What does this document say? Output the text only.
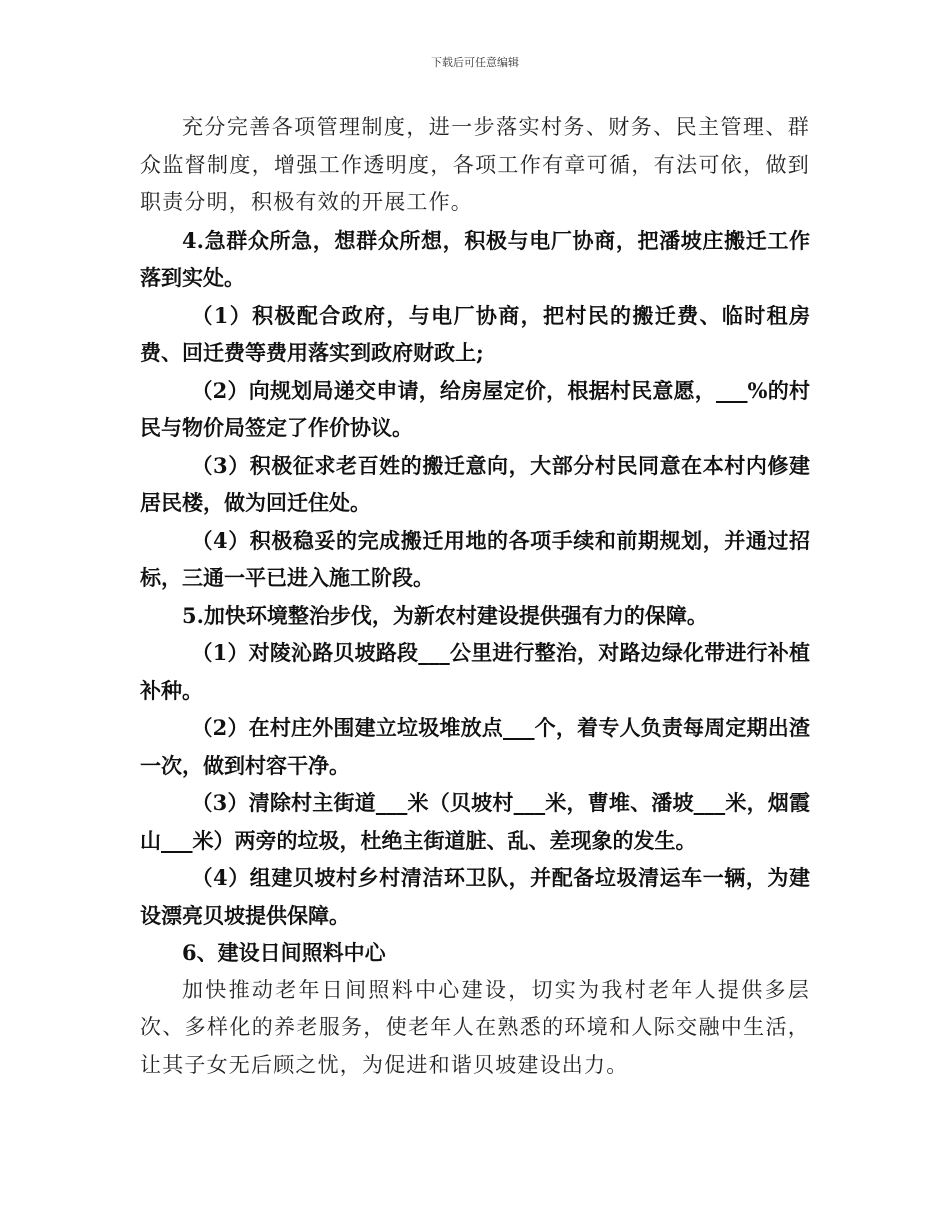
下载后可任意编辑

充分完善各项管理制度，进一步落实村务、财务、民主管理、群众监督制度，增强工作透明度，各项工作有章可循，有法可依，做到职责分明，积极有效的开展工作。

4.急群众所急，想群众所想，积极与电厂协商，把潘坡庄搬迁工作落到实处。

（1）积极配合政府，与电厂协商，把村民的搬迁费、临时租房费、回迁费等费用落实到政府财政上;

（2）向规划局递交申请，给房屋定价，根据村民意愿，___%的村民与物价局签定了作价协议。

（3）积极征求老百姓的搬迁意向，大部分村民同意在本村内修建居民楼，做为回迁住处。

（4）积极稳妥的完成搬迁用地的各项手续和前期规划，并通过招标，三通一平已进入施工阶段。

5.加快环境整治步伐，为新农村建设提供强有力的保障。

（1）对陵沁路贝坡路段___公里进行整治，对路边绿化带进行补植补种。

（2）在村庄外围建立垃圾堆放点___个，着专人负责每周定期出渣一次，做到村容干净。

（3）清除村主街道___米（贝坡村___米，曹堆、潘坡___米，烟霞山___米）两旁的垃圾，杜绝主街道脏、乱、差现象的发生。

（4）组建贝坡村乡村清洁环卫队，并配备垃圾清运车一辆，为建设漂亮贝坡提供保障。

6、建设日间照料中心

加快推动老年日间照料中心建设，切实为我村老年人提供多层次、多样化的养老服务，使老年人在熟悉的环境和人际交融中生活，让其子女无后顾之忧，为促进和谐贝坡建设出力。
